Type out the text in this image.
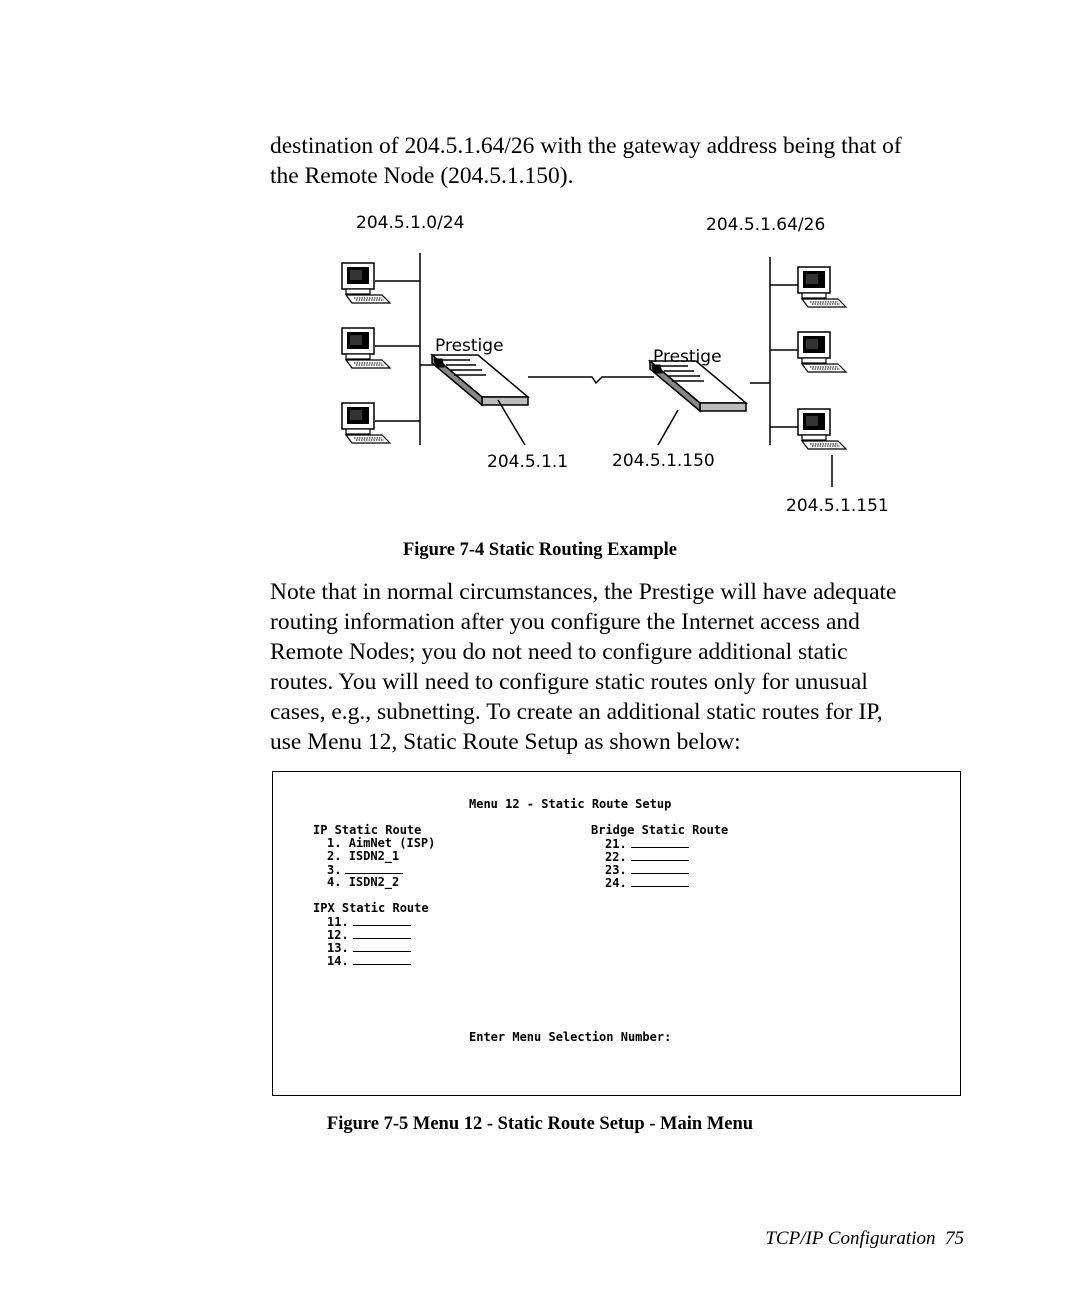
destination of 204.5.1.64/26 with the gateway address being that of
the Remote Node (204.5.1.150).
204.5.1.0/24	204.5.1.64/26
Prestige
Prestige
204.5.1.1	204.5.1.150
204.5.1.151

Figure 7-4 Static Routing Example

Note that in normal circumstances, the Prestige will have adequate
routing information after you configure the Internet access and
Remote Nodes; you do not need to configure additional static
routes. You will need to configure static routes only for unusual
cases, e.g., subnetting. To create an additional static routes for IP,
use Menu 12, Static Route Setup as shown below:
Menu 12 - Static Route Setup
IP Static Route
1. AimNet (ISP)
2. ISDN2_1
3.
4. ISDN2_2
Bridge Static Route
21.
22.
23.
24.
IPX Static Route
11.
12.
13.
14.
Enter Menu Selection Number:

Figure 7-5 Menu 12 - Static Route Setup - Main Menu

TCP/IP Configuration 75
